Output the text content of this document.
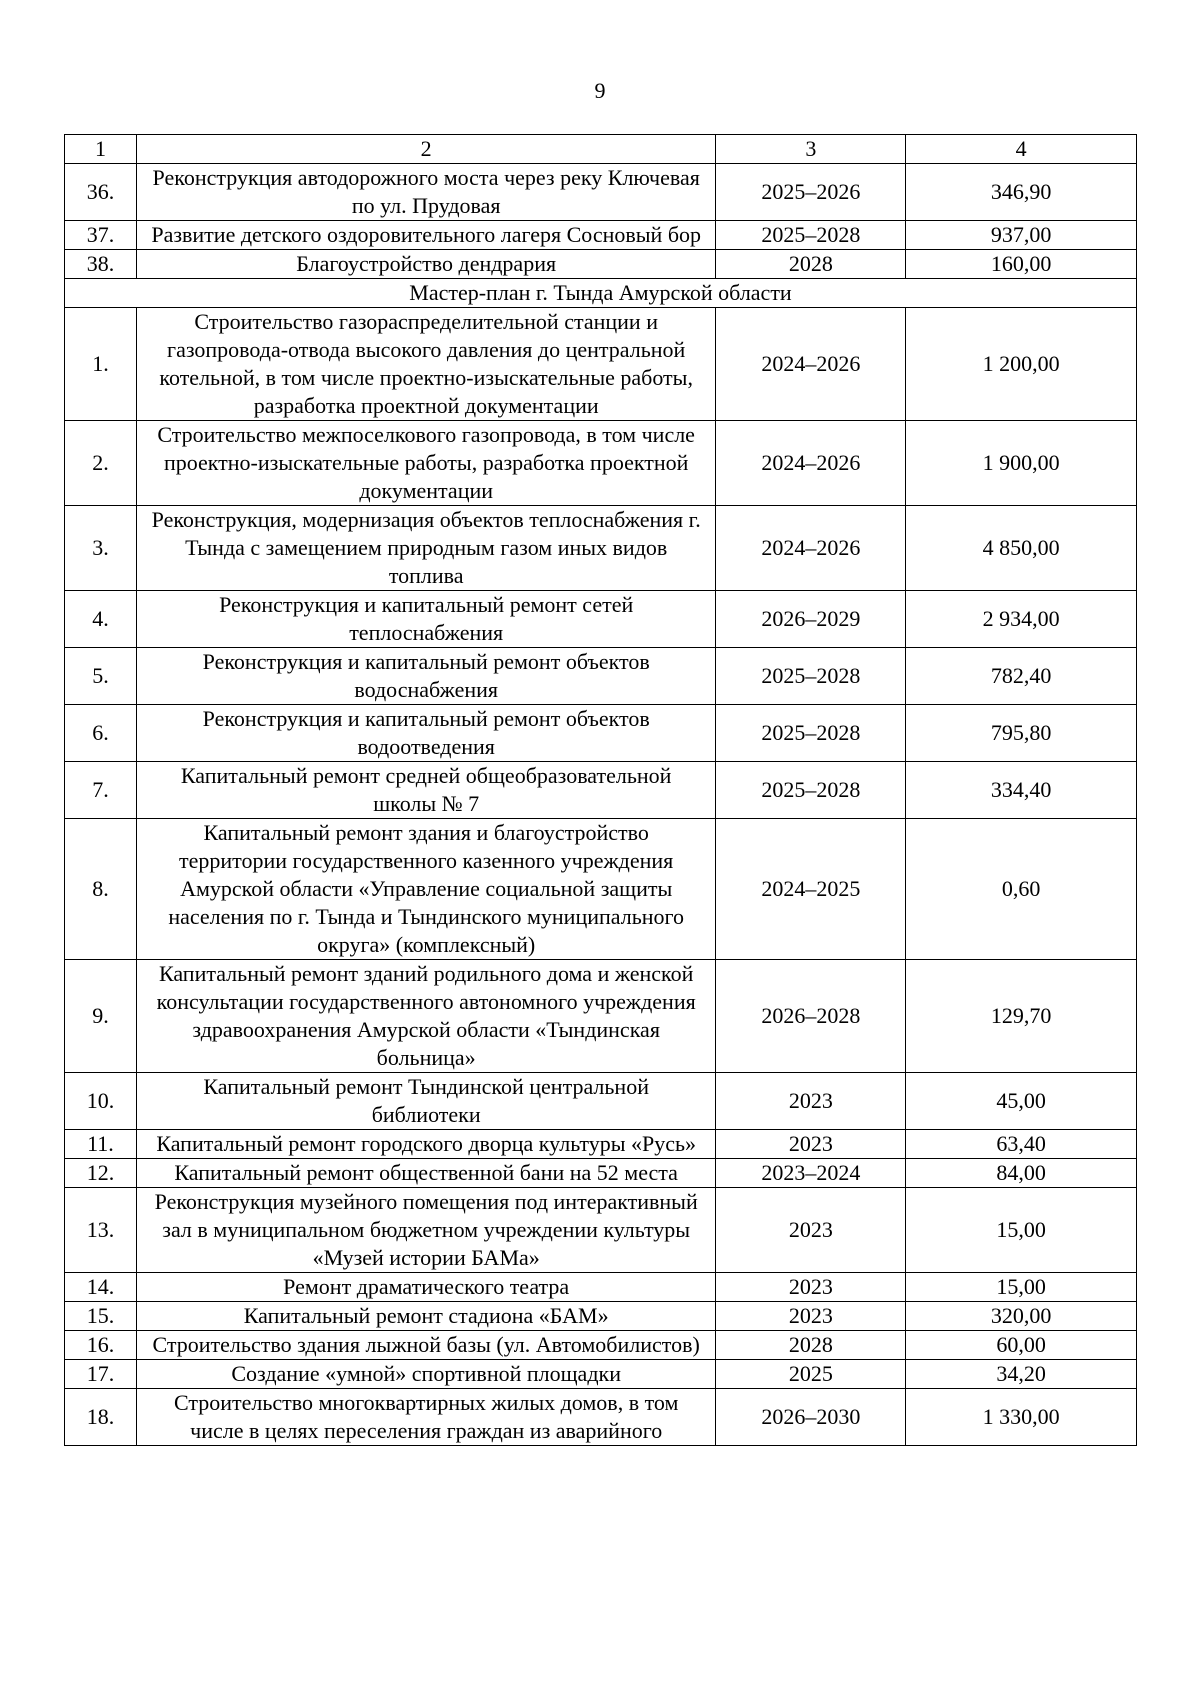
9
1	2	3	4
36.	Реконструкция автодорожного моста через реку Ключевая по ул. Прудовая	2025–2026	346,90
37.	Развитие детского оздоровительного лагеря Сосновый бор	2025–2028	937,00
38.	Благоустройство дендрария	2028	160,00
Мастер-план г. Тында Амурской области			
1.	Строительство газораспределительной станции и газопровода-отвода высокого давления до центральной котельной, в том числе проектно-изыскательные работы, разработка проектной документации	2024–2026	1 200,00
2.	Строительство межпоселкового газопровода, в том числе проектно-изыскательные работы, разработка проектной документации	2024–2026	1 900,00
3.	Реконструкция, модернизация объектов теплоснабжения г. Тында с замещением природным газом иных видов топлива	2024–2026	4 850,00
4.	Реконструкция и капитальный ремонт сетей теплоснабжения	2026–2029	2 934,00
5.	Реконструкция и капитальный ремонт объектов водоснабжения	2025–2028	782,40
6.	Реконструкция и капитальный ремонт объектов водоотведения	2025–2028	795,80
7.	Капитальный ремонт средней общеобразовательной школы № 7	2025–2028	334,40
8.	Капитальный ремонт здания и благоустройство территории государственного казенного учреждения Амурской области «Управление социальной защиты населения по г. Тында и Тындинского муниципального округа» (комплексный)	2024–2025	0,60
9.	Капитальный ремонт зданий родильного дома и женской консультации государственного автономного учреждения здравоохранения Амурской области «Тындинская больница»	2026–2028	129,70
10.	Капитальный ремонт Тындинской центральной библиотеки	2023	45,00
11.	Капитальный ремонт городского дворца культуры «Русь»	2023	63,40
12.	Капитальный ремонт общественной бани на 52 места	2023–2024	84,00
13.	Реконструкция музейного помещения под интерактивный зал в муниципальном бюджетном учреждении культуры «Музей истории БАМа»	2023	15,00
14.	Ремонт драматического театра	2023	15,00
15.	Капитальный ремонт стадиона «БАМ»	2023	320,00
16.	Строительство здания лыжной базы (ул. Автомобилистов)	2028	60,00
17.	Создание «умной» спортивной площадки	2025	34,20
18.	Строительство многоквартирных жилых домов, в том числе в целях переселения граждан из аварийного	2026–2030	1 330,00
